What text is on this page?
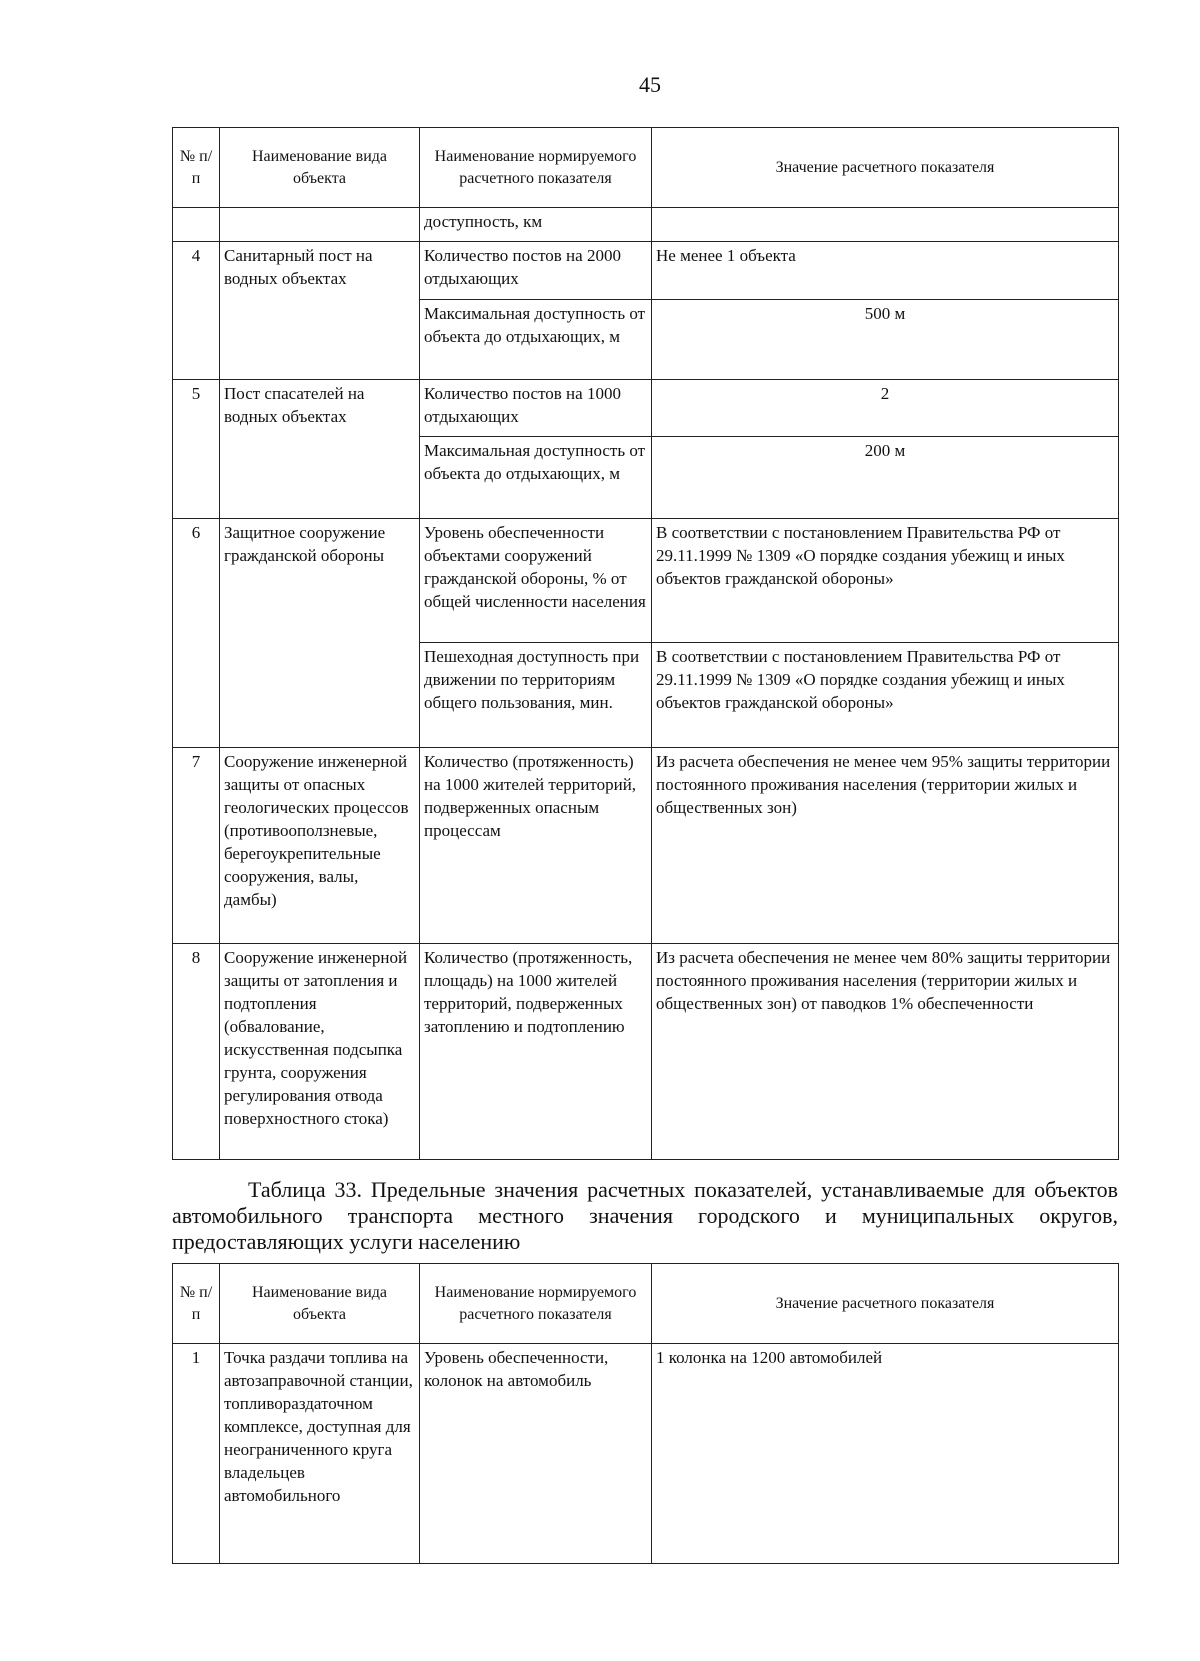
45
№ п/п	Наименование вида объекта	Наименование нормируемого расчетного показателя	Значение расчетного показателя
		доступность, км	
4	Санитарный пост на водных объектах	Количество постов на 2000 отдыхающих	Не менее 1 объекта
		Максимальная доступность от объекта до отдыхающих, м	500 м
5	Пост спасателей на водных объектах	Количество постов на 1000 отдыхающих	2
		Максимальная доступность от объекта до отдыхающих, м	200 м
6	Защитное сооружение гражданской обороны	Уровень обеспеченности объектами сооружений гражданской обороны, % от общей численности населения	В соответствии с постановлением Правительства РФ от 29.11.1999 № 1309 «О порядке создания убежищ и иных объектов гражданской обороны»
		Пешеходная доступность при движении по территориям общего пользования, мин.	В соответствии с постановлением Правительства РФ от 29.11.1999 № 1309 «О порядке создания убежищ и иных объектов гражданской обороны»
7	Сооружение инженерной защиты от опасных геологических процессов (противооползневые, берегоукрепительные сооружения, валы, дамбы)	Количество (протяженность) на 1000 жителей территорий, подверженных опасным процессам	Из расчета обеспечения не менее чем 95% защиты территории постоянного проживания населения (территории жилых и общественных зон)
8	Сооружение инженерной защиты от затопления и подтопления (обвалование, искусственная подсыпка грунта, сооружения регулирования отвода поверхностного стока)	Количество (протяженность, площадь) на 1000 жителей территорий, подверженных затоплению и подтоплению	Из расчета обеспечения не менее чем 80% защиты территории постоянного проживания населения (территории жилых и общественных зон) от паводков 1% обеспеченности
Таблица 33. Предельные значения расчетных показателей, устанавливаемые для объектов автомобильного транспорта местного значения городского и муниципальных округов, предоставляющих услуги населению
№ п/п	Наименование вида объекта	Наименование нормируемого расчетного показателя	Значение расчетного показателя
1	Точка раздачи топлива на автозаправочной станции, топливораздаточном комплексе, доступная для неограниченного круга владельцев автомобильного	Уровень обеспеченности, колонок на автомобиль	1 колонка на 1200 автомобилей
